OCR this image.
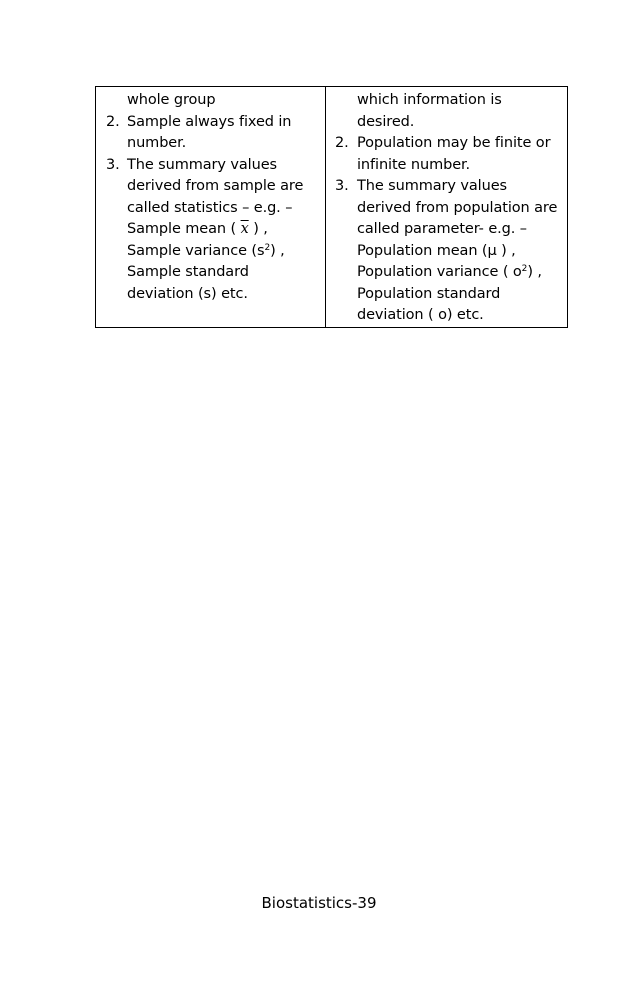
whole group
2. Sample always fixed in
number.
3. The summary values
derived from sample are
called statistics – e.g. –
Sample mean ( $\overline{x}$ ) ,
Sample variance $(s^2)$ ,
Sample standard
deviation (s) etc.

which information is
desired.
2. Population may be finite or
infinite number.
3. The summary values
derived from population are
called parameter- e.g. –
Population mean (µ ) ,
Population variance ( $o^2$) ,
Population standard
deviation ( o) etc.
Biostatistics-39
